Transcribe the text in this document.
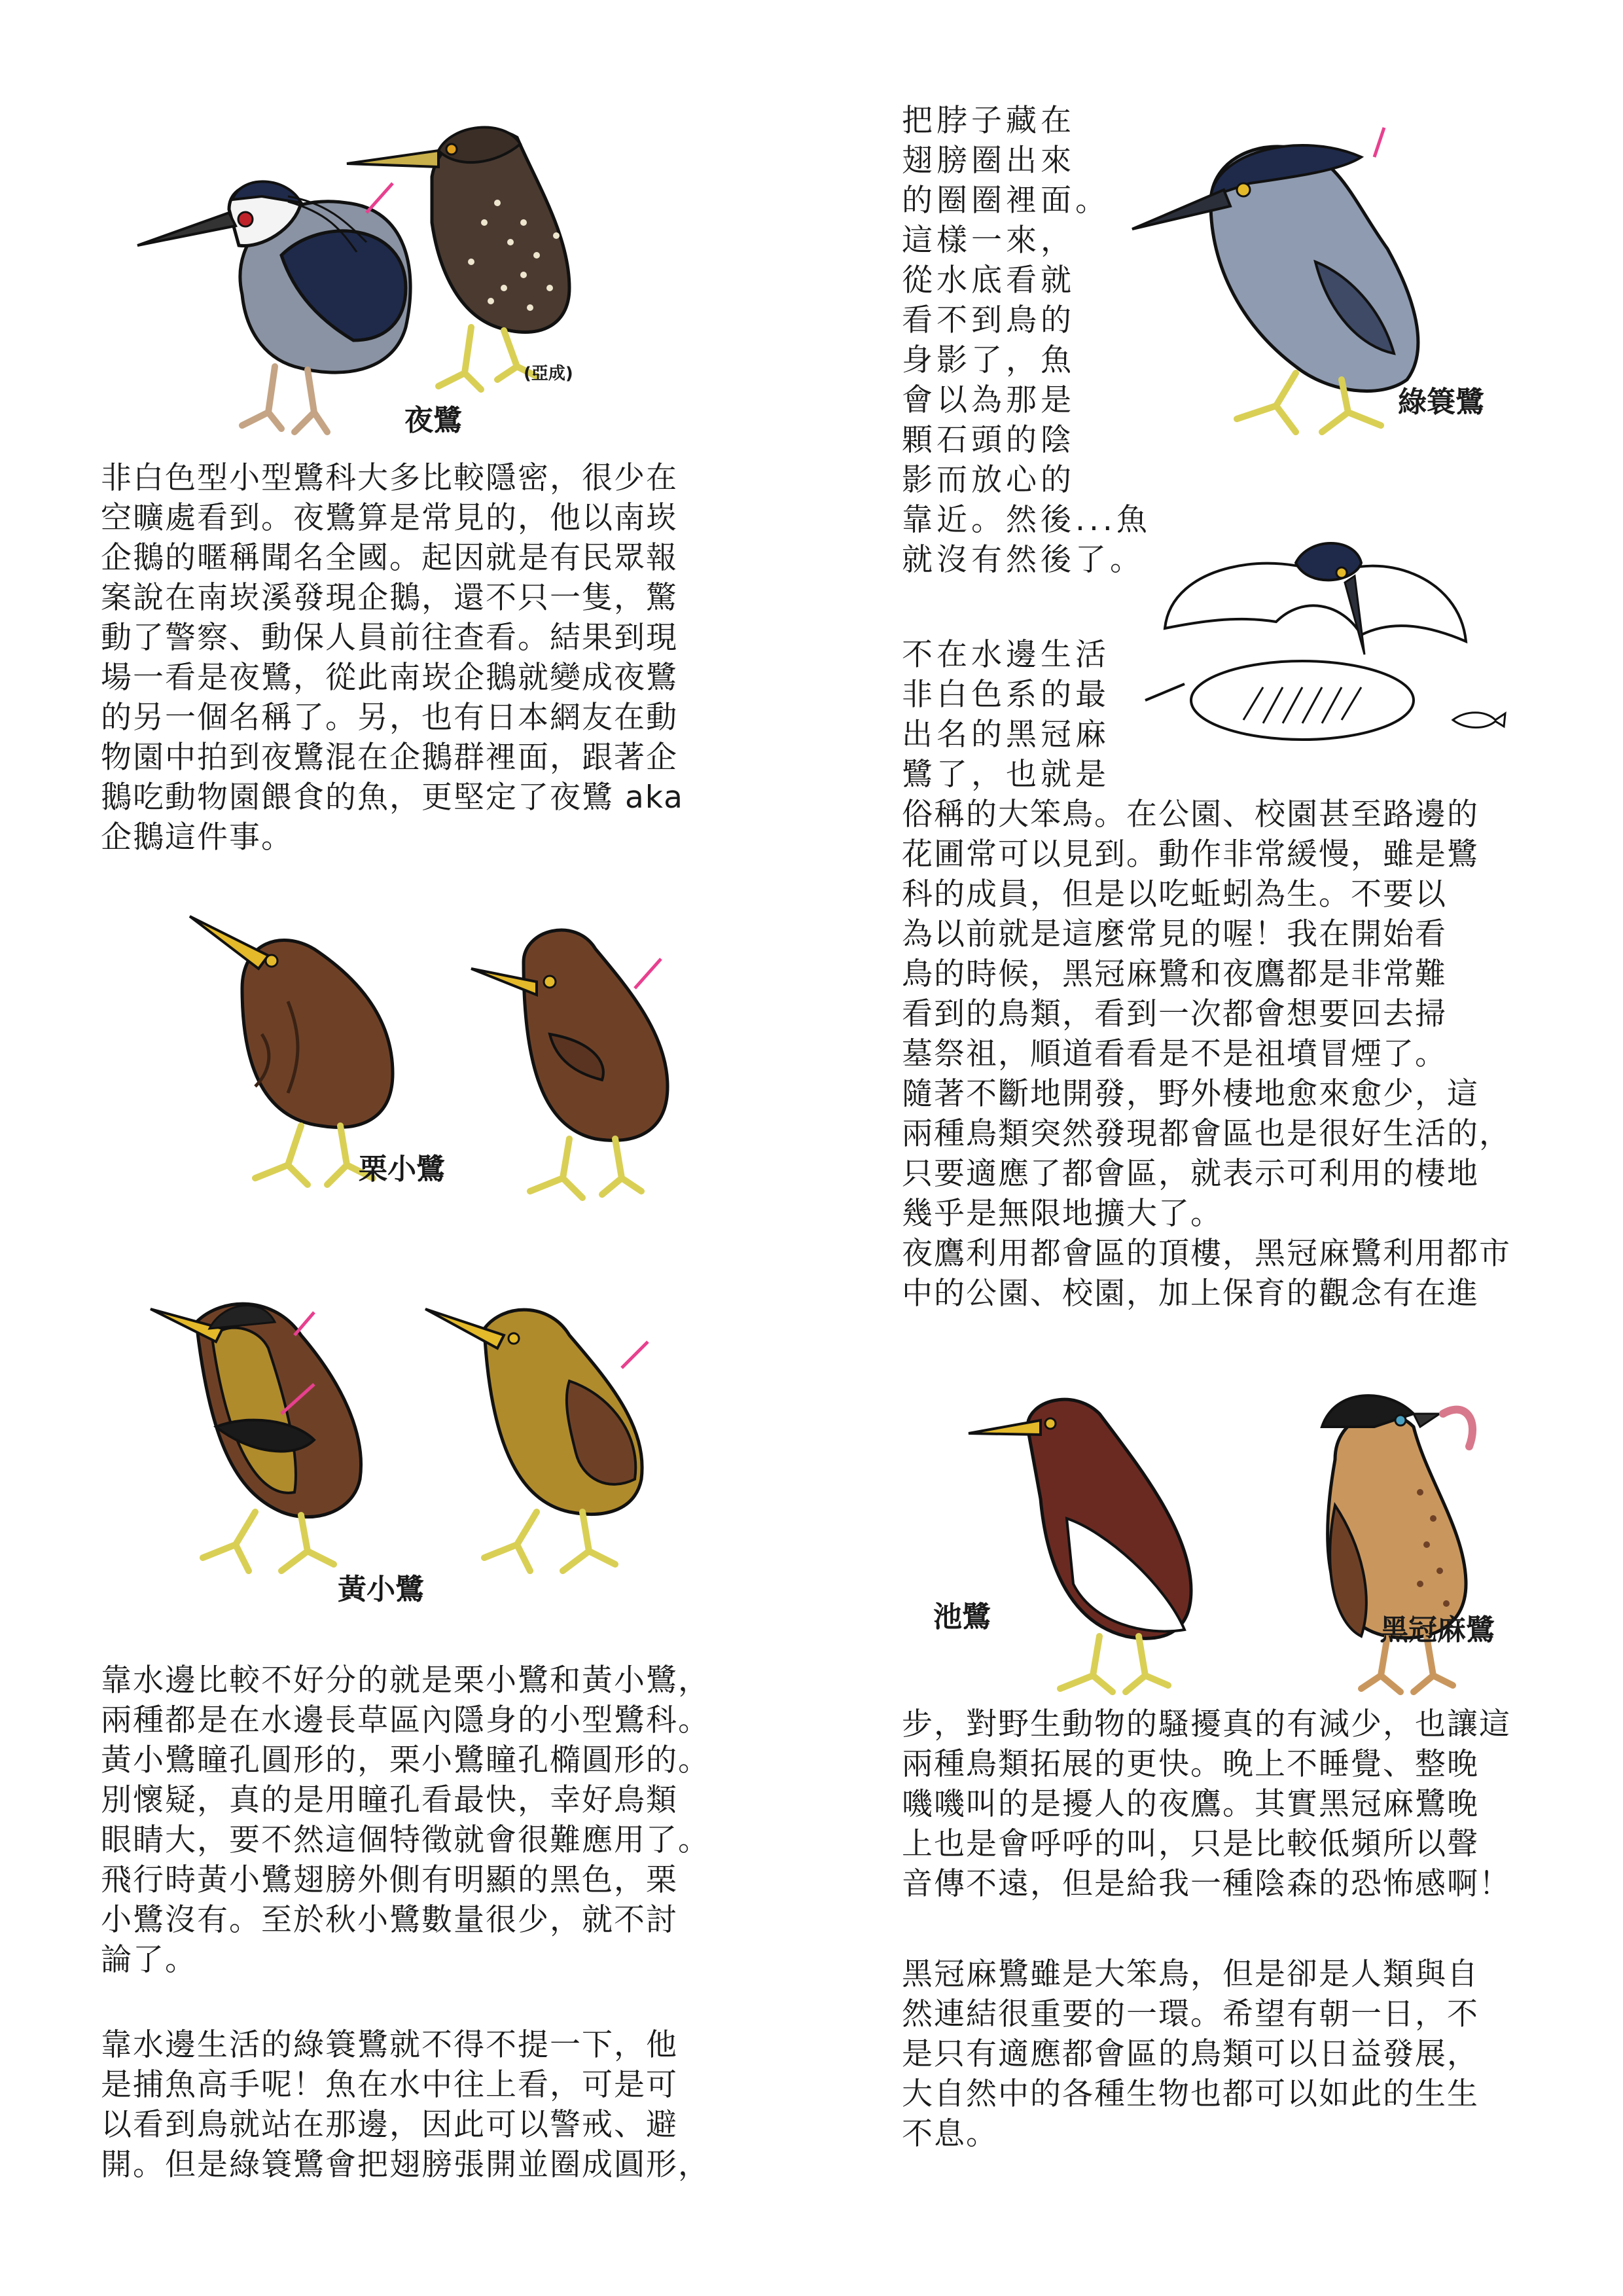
(亞成)
夜鷺

非白色型小型鷺科大多比較隱密，很少在
空曠處看到。夜鷺算是常見的，他以南崁
企鵝的暱稱聞名全國。起因就是有民眾報
案說在南崁溪發現企鵝，還不只一隻，驚
動了警察、動保人員前往查看。結果到現
場一看是夜鷺，從此南崁企鵝就變成夜鷺
的另一個名稱了。另，也有日本網友在動
物園中拍到夜鷺混在企鵝群裡面，跟著企
鵝吃動物園餵食的魚，更堅定了夜鷺 aka
企鵝這件事。

栗小鷺
黃小鷺

靠水邊比較不好分的就是栗小鷺和黃小鷺，
兩種都是在水邊長草區內隱身的小型鷺科。
黃小鷺瞳孔圓形的，栗小鷺瞳孔橢圓形的。
別懷疑，真的是用瞳孔看最快，幸好鳥類
眼睛大，要不然這個特徵就會很難應用了。
飛行時黃小鷺翅膀外側有明顯的黑色，栗
小鷺沒有。至於秋小鷺數量很少，就不討
論了。

靠水邊生活的綠簑鷺就不得不提一下，他
是捕魚高手呢！魚在水中往上看，可是可
以看到鳥就站在那邊，因此可以警戒、避
開。但是綠簑鷺會把翅膀張開並圈成圓形，

把脖子藏在
翅膀圈出來
的圈圈裡面。
這樣一來，
從水底看就
看不到鳥的
身影了，魚
會以為那是
顆石頭的陰
影而放心的
靠近。然後...魚
就沒有然後了。

綠簑鷺

不在水邊生活
非白色系的最
出名的黑冠麻
鷺了，也就是

俗稱的大笨鳥。在公園、校園甚至路邊的
花圃常可以見到。動作非常緩慢，雖是鷺
科的成員，但是以吃蚯蚓為生。不要以
為以前就是這麼常見的喔！我在開始看
鳥的時候，黑冠麻鷺和夜鷹都是非常難
看到的鳥類，看到一次都會想要回去掃
墓祭祖，順道看看是不是祖墳冒煙了。
隨著不斷地開發，野外棲地愈來愈少，這
兩種鳥類突然發現都會區也是很好生活的，
只要適應了都會區，就表示可利用的棲地
幾乎是無限地擴大了。
夜鷹利用都會區的頂樓，黑冠麻鷺利用都市
中的公園、校園，加上保育的觀念有在進

池鷺	黑冠麻鷺

步，對野生動物的騷擾真的有減少，也讓這
兩種鳥類拓展的更快。晚上不睡覺、整晚
嘰嘰叫的是擾人的夜鷹。其實黑冠麻鷺晚
上也是會呼呼的叫，只是比較低頻所以聲
音傳不遠，但是給我一種陰森的恐怖感啊！

黑冠麻鷺雖是大笨鳥，但是卻是人類與自
然連結很重要的一環。希望有朝一日，不
是只有適應都會區的鳥類可以日益發展，
大自然中的各種生物也都可以如此的生生
不息。
